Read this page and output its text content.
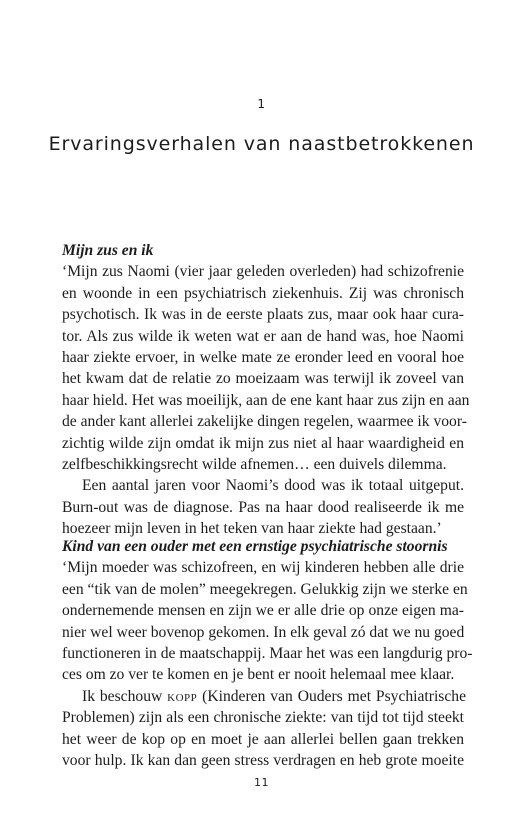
1
Ervaringsverhalen van naastbetrokkenen
Mijn zus en ik
‘Mijn zus Naomi (vier jaar geleden overleden) had schizofrenie
en woonde in een psychiatrisch ziekenhuis. Zij was chronisch
psychotisch. Ik was in de eerste plaats zus, maar ook haar cura-
tor. Als zus wilde ik weten wat er aan de hand was, hoe Naomi
haar ziekte ervoer, in welke mate ze eronder leed en vooral hoe
het kwam dat de relatie zo moeizaam was terwijl ik zoveel van
haar hield. Het was moeilijk, aan de ene kant haar zus zijn en aan
de ander kant allerlei zakelijke dingen regelen, waarmee ik voor-
zichtig wilde zijn omdat ik mijn zus niet al haar waardigheid en
zelfbeschikkingsrecht wilde afnemen… een duivels dilemma.
Een aantal jaren voor Naomi’s dood was ik totaal uitgeput.
Burn-out was de diagnose. Pas na haar dood realiseerde ik me
hoezeer mijn leven in het teken van haar ziekte had gestaan.’
Kind van een ouder met een ernstige psychiatrische stoornis
‘Mijn moeder was schizofreen, en wij kinderen hebben alle drie
een “tik van de molen” meegekregen. Gelukkig zijn we sterke en
ondernemende mensen en zijn we er alle drie op onze eigen ma-
nier wel weer bovenop gekomen. In elk geval zó dat we nu goed
functioneren in de maatschappij. Maar het was een langdurig pro-
ces om zo ver te komen en je bent er nooit helemaal mee klaar.
Ik beschouw kopp (Kinderen van Ouders met Psychiatrische
Problemen) zijn als een chronische ziekte: van tijd tot tijd steekt
het weer de kop op en moet je aan allerlei bellen gaan trekken
voor hulp. Ik kan dan geen stress verdragen en heb grote moeite
11
